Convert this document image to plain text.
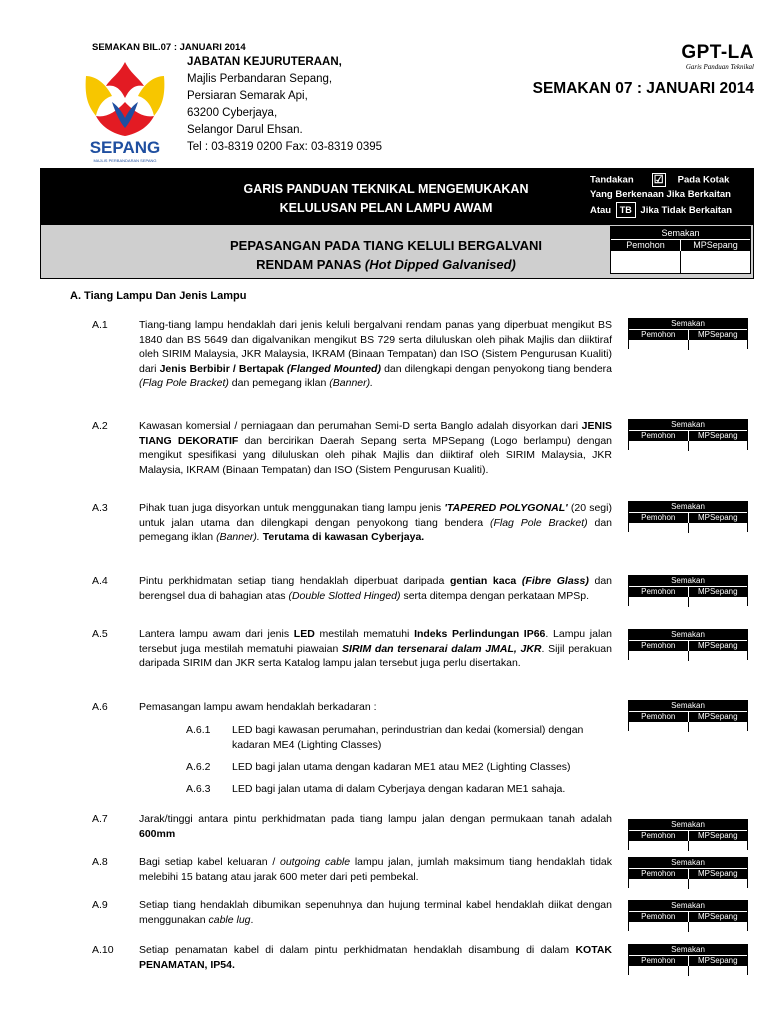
SEMAKAN BIL.07 : JANUARI 2014
SEPANG
MAJLIS PERBANDARAN SEPANG
JABATAN KEJURUTERAAN,
Majlis Perbandaran Sepang,
Persiaran Semarak Api,
63200 Cyberjaya,
Selangor Darul Ehsan.
Tel : 03-8319 0200 Fax: 03-8319 0395
GPT-LA
Garis Panduan Teknikal
SEMAKAN 07 : JANUARI 2014
GARIS PANDUAN TEKNIKAL MENGEMUKAKAN
KELULUSAN PELAN LAMPU AWAM
Tandakan ☑ Pada Kotak
Yang Berkenaan Jika Berkaitan
Atau TB Jika Tidak Berkaitan
PEPASANGAN PADA TIANG KELULI BERGALVANI
RENDAM PANAS (Hot Dipped Galvanised)
Semakan
Pemohon	MPSepang
A. Tiang Lampu Dan Jenis Lampu
A.1	Tiang-tiang lampu hendaklah dari jenis keluli bergalvani rendam panas yang diperbuat mengikut BS 1840 dan BS 5649 dan digalvanikan mengikut BS 729 serta diluluskan oleh pihak Majlis dan diiktiraf oleh SIRIM Malaysia, JKR Malaysia, IKRAM (Binaan Tempatan) dan ISO (Sistem Pengurusan Kualiti) dari Jenis Berbibir / Bertapak (Flanged Mounted) dan dilengkapi dengan penyokong tiang bendera (Flag Pole Bracket) dan pemegang iklan (Banner).
Semakan
Pemohon	MPSepang
A.2	Kawasan komersial / perniagaan dan perumahan Semi-D serta Banglo adalah disyorkan dari JENIS TIANG DEKORATIF dan bercirikan Daerah Sepang serta MPSepang (Logo berlampu) dengan mengikut spesifikasi yang diluluskan oleh pihak Majlis dan diiktiraf oleh SIRIM Malaysia, JKR Malaysia, IKRAM (Binaan Tempatan) dan ISO (Sistem Pengurusan Kualiti).
Semakan
Pemohon	MPSepang
A.3	Pihak tuan juga disyorkan untuk menggunakan tiang lampu jenis 'TAPERED POLYGONAL' (20 segi) untuk jalan utama dan dilengkapi dengan penyokong tiang bendera (Flag Pole Bracket) dan pemegang iklan (Banner). Terutama di kawasan Cyberjaya.
Semakan
Pemohon	MPSepang
A.4	Pintu perkhidmatan setiap tiang hendaklah diperbuat daripada gentian kaca (Fibre Glass) dan berengsel dua di bahagian atas (Double Slotted Hinged) serta ditempa dengan perkataan MPSp.
Semakan
Pemohon	MPSepang
A.5	Lantera lampu awam dari jenis LED mestilah mematuhi Indeks Perlindungan IP66. Lampu jalan tersebut juga mestilah mematuhi piawaian SIRIM dan tersenarai dalam JMAL, JKR. Sijil perakuan daripada SIRIM dan JKR serta Katalog lampu jalan tersebut juga perlu disertakan.
Semakan
Pemohon	MPSepang
A.6	Pemasangan lampu awam hendaklah berkadaran :	Semakan
Pemohon	MPSepang
A.6.1 LED bagi kawasan perumahan, perindustrian dan kedai (komersial) dengan kadaran ME4 (Lighting Classes)
A.6.2 LED bagi jalan utama dengan kadaran ME1 atau ME2 (Lighting Classes)
A.6.3 LED bagi jalan utama di dalam Cyberjaya dengan kadaran ME1 sahaja.
A.7	Jarak/tinggi antara pintu perkhidmatan pada tiang lampu jalan dengan permukaan tanah adalah 600mm
Semakan
Pemohon	MPSepang
A.8	Bagi setiap kabel keluaran / outgoing cable lampu jalan, jumlah maksimum tiang hendaklah tidak melebihi 15 batang atau jarak 600 meter dari peti pembekal.
Semakan
Pemohon	MPSepang
A.9	Setiap tiang hendaklah dibumikan sepenuhnya dan hujung terminal kabel hendaklah diikat dengan menggunakan cable lug.
Semakan
Pemohon	MPSepang
A.10 Setiap penamatan kabel di dalam pintu perkhidmatan hendaklah disambung di dalam KOTAK PENAMATAN, IP54.
Semakan
Pemohon	MPSepang
